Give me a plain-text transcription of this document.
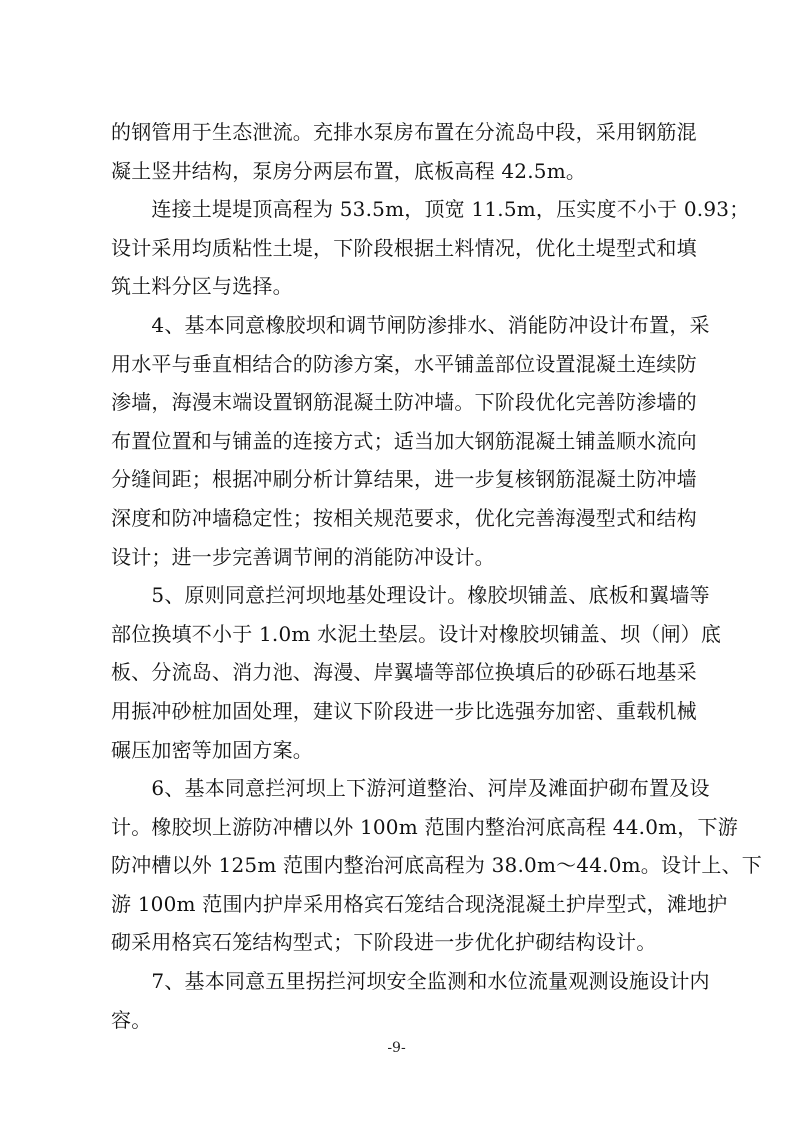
的钢管用于生态泄流。充排水泵房布置在分流岛中段，采用钢筋混
凝土竖井结构，泵房分两层布置，底板高程 42.5m。
　　连接土堤堤顶高程为 53.5m，顶宽 11.5m，压实度不小于 0.93；
设计采用均质粘性土堤，下阶段根据土料情况，优化土堤型式和填
筑土料分区与选择。
　　4、基本同意橡胶坝和调节闸防渗排水、消能防冲设计布置，采
用水平与垂直相结合的防渗方案，水平铺盖部位设置混凝土连续防
渗墙，海漫末端设置钢筋混凝土防冲墙。下阶段优化完善防渗墙的
布置位置和与铺盖的连接方式；适当加大钢筋混凝土铺盖顺水流向
分缝间距；根据冲刷分析计算结果，进一步复核钢筋混凝土防冲墙
深度和防冲墙稳定性；按相关规范要求，优化完善海漫型式和结构
设计；进一步完善调节闸的消能防冲设计。
　　5、原则同意拦河坝地基处理设计。橡胶坝铺盖、底板和翼墙等
部位换填不小于 1.0m 水泥土垫层。设计对橡胶坝铺盖、坝（闸）底
板、分流岛、消力池、海漫、岸翼墙等部位换填后的砂砾石地基采
用振冲砂桩加固处理，建议下阶段进一步比选强夯加密、重载机械
碾压加密等加固方案。
　　6、基本同意拦河坝上下游河道整治、河岸及滩面护砌布置及设
计。橡胶坝上游防冲槽以外 100m 范围内整治河底高程 44.0m，下游
防冲槽以外 125m 范围内整治河底高程为 38.0m～44.0m。设计上、下
游 100m 范围内护岸采用格宾石笼结合现浇混凝土护岸型式，滩地护
砌采用格宾石笼结构型式；下阶段进一步优化护砌结构设计。
　　7、基本同意五里拐拦河坝安全监测和水位流量观测设施设计内
容。
-9-
